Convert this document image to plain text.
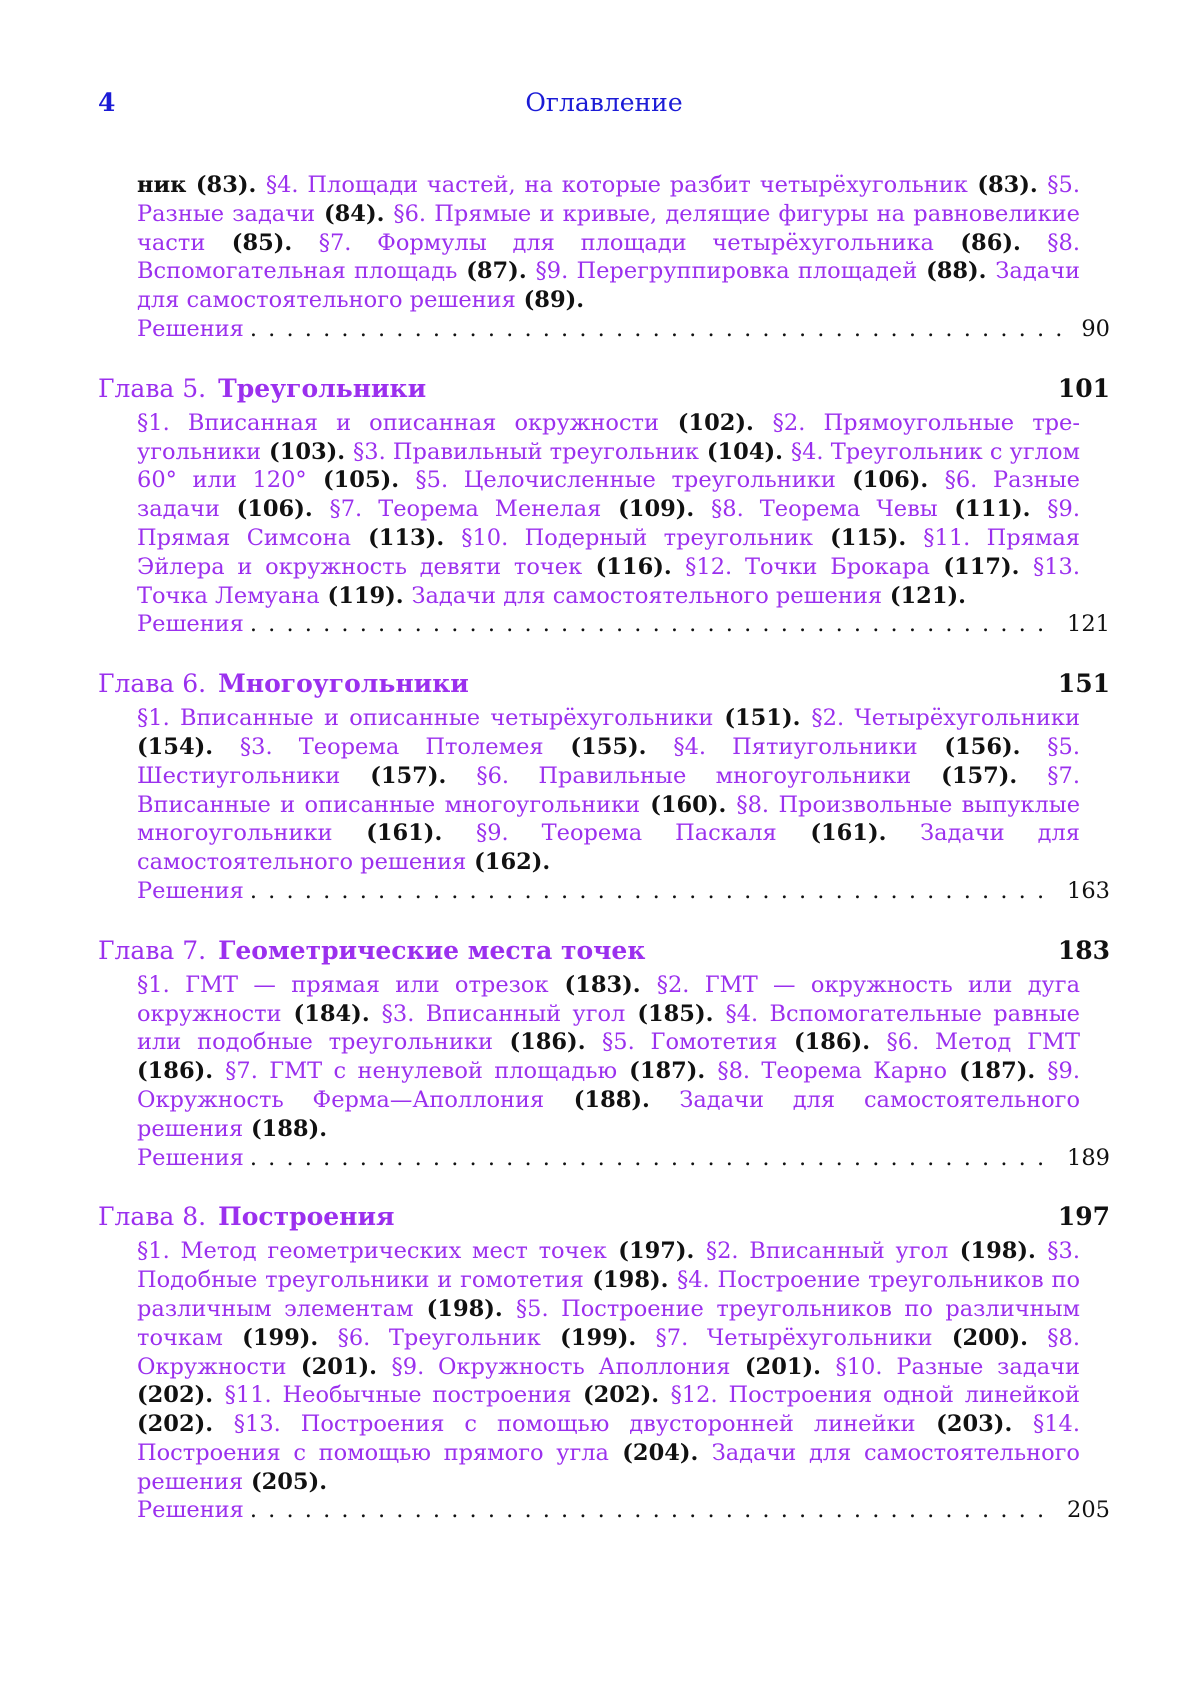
4	Оглавление
ник (83). §4. Площади частей, на которые разбит четырёхугольник (83). §5. Разные задачи (84). §6. Прямые и кривые, делящие фигуры на равновеликие части (85). §7. Формулы для площади четырёхугольника (86). §8. Вспомогательная площадь (87). §9. Перегруппировка площадей (88). Задачи для самостоятельного решения (89).
Решения . . .	90
Глава 5. Треугольники	101
§1. Вписанная и описанная окружности (102). §2. Прямоугольные треугольники (103). §3. Правильный треугольник (104). §4. Треугольник с углом 60° или 120° (105). §5. Целочисленные треугольники (106). §6. Разные задачи (106). §7. Теорема Менелая (109). §8. Теорема Чевы (111). §9. Прямая Симсона (113). §10. Подерный треугольник (115). §11. Прямая Эйлера и окружность девяти точек (116). §12. Точки Брокара (117). §13. Точка Лемуана (119). Задачи для самостоятельного решения (121).
Решения . . .	121
Глава 6. Многоугольники	151
§1. Вписанные и описанные четырёхугольники (151). §2. Четырёхугольники (154). §3. Теорема Птолемея (155). §4. Пятиугольники (156). §5. Шестиугольники (157). §6. Правильные многоугольники (157). §7. Вписанные и описанные многоугольники (160). §8. Произвольные выпуклые многоугольники (161). §9. Теорема Паскаля (161). Задачи для самостоятельного решения (162).
Решения . . .	163
Глава 7. Геометрические места точек	183
§1. ГМТ — прямая или отрезок (183). §2. ГМТ — окружность или дуга окружности (184). §3. Вписанный угол (185). §4. Вспомогательные равные или подобные треугольники (186). §5. Гомотетия (186). §6. Метод ГМТ (186). §7. ГМТ с ненулевой площадью (187). §8. Теорема Карно (187). §9. Окружность Ферма—Аполлония (188). Задачи для самостоятельного решения (188).
Решения . . .	189
Глава 8. Построения	197
§1. Метод геометрических мест точек (197). §2. Вписанный угол (198). §3. Подобные треугольники и гомотетия (198). §4. Построение треугольников по различным элементам (198). §5. Построение треугольников по различным точкам (199). §6. Треугольник (199). §7. Четырёхугольники (200). §8. Окружности (201). §9. Окружность Аполлония (201). §10. Разные задачи (202). §11. Необычные построения (202). §12. Построения одной линейкой (202). §13. Построения с помощью двусторонней линейки (203). §14. Построения с помощью прямого угла (204). Задачи для самостоятельного решения (205).
Решения . . .	205
